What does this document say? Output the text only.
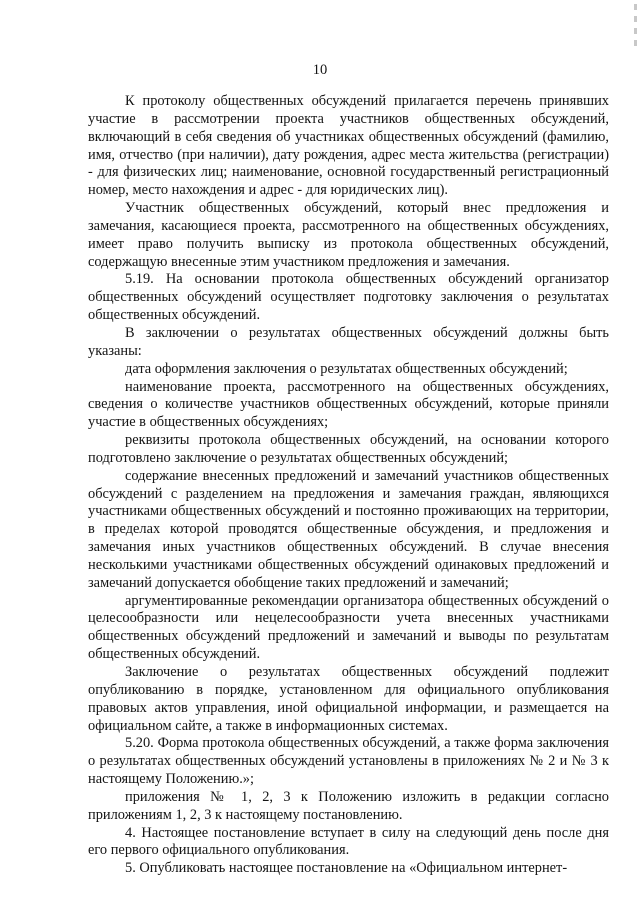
10

К протоколу общественных обсуждений прилагается перечень принявших участие в рассмотрении проекта участников общественных обсуждений, включающий в себя сведения об участниках общественных обсуждений (фамилию, имя, отчество (при наличии), дату рождения, адрес места жительства (регистрации) - для физических лиц; наименование, основной государственный регистрационный номер, место нахождения и адрес - для юридических лиц).

Участник общественных обсуждений, который внес предложения и замечания, касающиеся проекта, рассмотренного на общественных обсуждениях, имеет право получить выписку из протокола общественных обсуждений, содержащую внесенные этим участником предложения и замечания.

5.19. На основании протокола общественных обсуждений организатор общественных обсуждений осуществляет подготовку заключения о результатах общественных обсуждений.

В заключении о результатах общественных обсуждений должны быть указаны:

дата оформления заключения о результатах общественных обсуждений;

наименование проекта, рассмотренного на общественных обсуждениях, сведения о количестве участников общественных обсуждений, которые приняли участие в общественных обсуждениях;

реквизиты протокола общественных обсуждений, на основании которого подготовлено заключение о результатах общественных обсуждений;

содержание внесенных предложений и замечаний участников общественных обсуждений с разделением на предложения и замечания граждан, являющихся участниками общественных обсуждений и постоянно проживающих на территории, в пределах которой проводятся общественные обсуждения, и предложения и замечания иных участников общественных обсуждений. В случае внесения несколькими участниками общественных обсуждений одинаковых предложений и замечаний допускается обобщение таких предложений и замечаний;

аргументированные рекомендации организатора общественных обсуждений о целесообразности или нецелесообразности учета внесенных участниками общественных обсуждений предложений и замечаний и выводы по результатам общественных обсуждений.

Заключение о результатах общественных обсуждений подлежит опубликованию в порядке, установленном для официального опубликования правовых актов управления, иной официальной информации, и размещается на официальном сайте, а также в информационных системах.

5.20. Форма протокола общественных обсуждений, а также форма заключения о результатах общественных обсуждений установлены в приложениях № 2 и № 3 к настоящему Положению.»;

приложения № 1, 2, 3 к Положению изложить в редакции согласно приложениям 1, 2, 3 к настоящему постановлению.

4. Настоящее постановление вступает в силу на следующий день после дня его первого официального опубликования.

5. Опубликовать настоящее постановление на «Официальном интернет-
